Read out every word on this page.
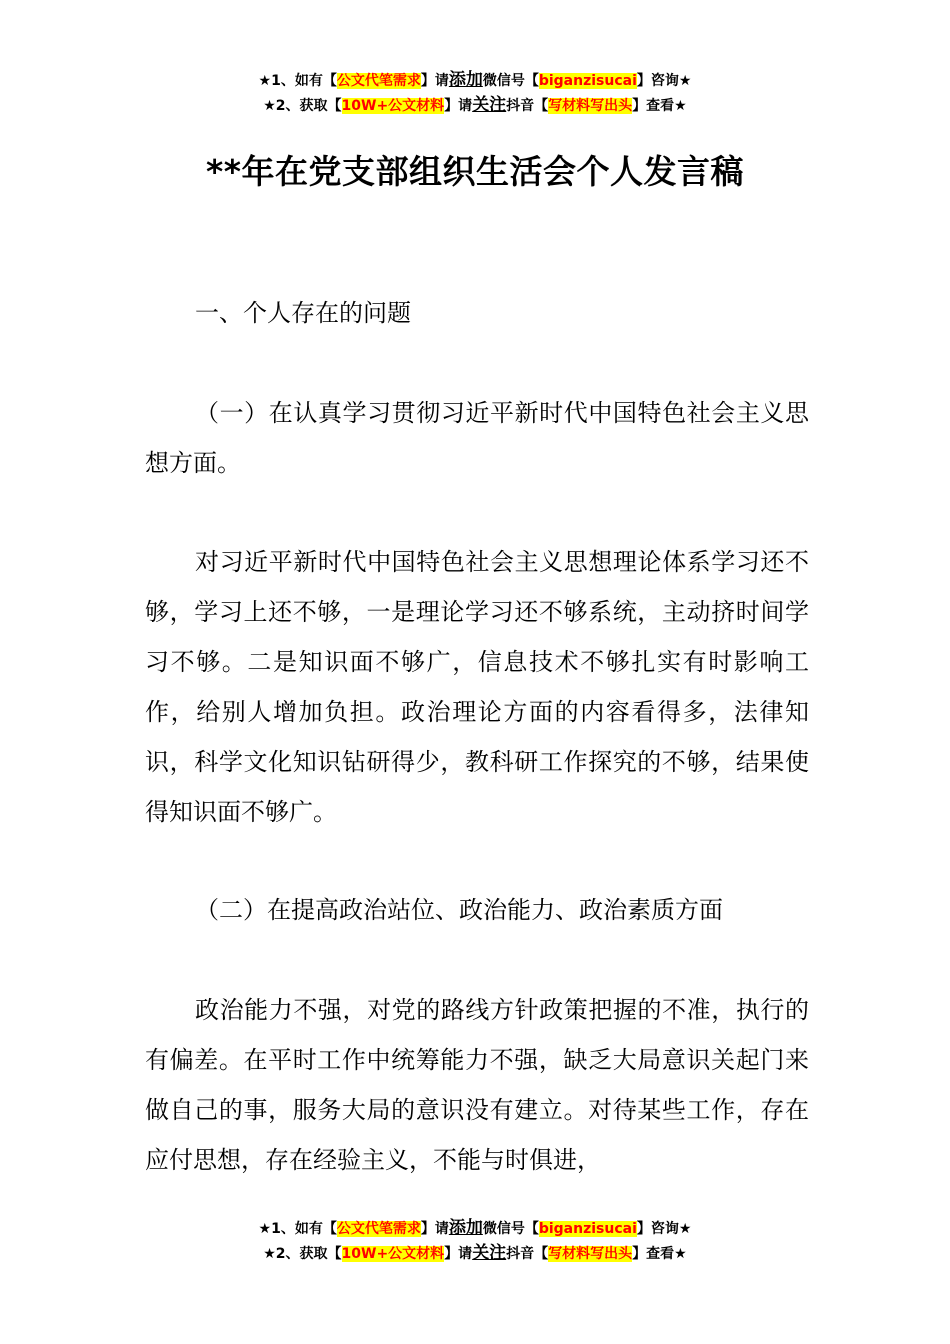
★1、如有【公文代笔需求】请添加微信号【biganzisucai】咨询★
★2、获取【10W+公文材料】请关注抖音【写材料写出头】查看★
**年在党支部组织生活会个人发言稿

一、个人存在的问题

（一）在认真学习贯彻习近平新时代中国特色社会主义思想方面。

对习近平新时代中国特色社会主义思想理论体系学习还不够，学习上还不够，一是理论学习还不够系统，主动挤时间学习不够。二是知识面不够广，信息技术不够扎实有时影响工作，给别人增加负担。政治理论方面的内容看得多，法律知识，科学文化知识钻研得少，教科研工作探究的不够，结果使得知识面不够广。

（二）在提高政治站位、政治能力、政治素质方面

政治能力不强，对党的路线方针政策把握的不准，执行的有偏差。在平时工作中统筹能力不强，缺乏大局意识关起门来做自己的事，服务大局的意识没有建立。对待某些工作，存在应付思想，存在经验主义，不能与时俱进，

★1、如有【公文代笔需求】请添加微信号【biganzisucai】咨询★
★2、获取【10W+公文材料】请关注抖音【写材料写出头】查看★
